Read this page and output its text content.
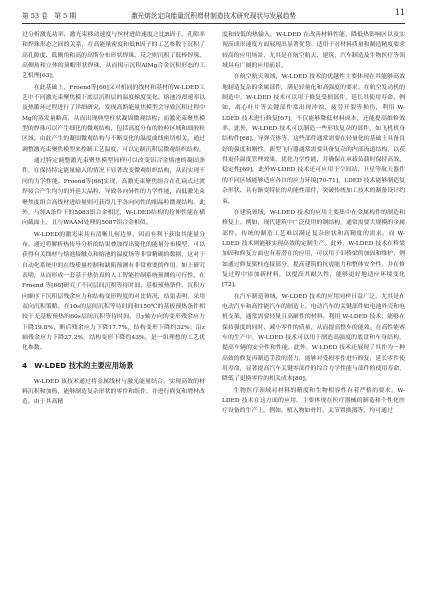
第 53 卷　第 5 期	激光熔丝定向能量沉积增材制造技术研究现状与发展趋势	11

过分析激光功率、激光束移动速度与丝材进给速度之比R因子、孔隙率和焊珠形态之间的关系，在高能量密度和低R因子的工艺参数下沉积了高孔隙度、低侧角和高的高斯分布形状焊珠，反之则沉积了低棒焊珠、高侧角和立体的顶帽形状焊珠，从而揭示沉积AlMg合金沉积形态的工艺机理[63]。

在此基础上，Froend等[66]又对相同的线材和基材的W-LDED工艺中不同激光束聚焦模下底层沉积层的温度梯度变化、熔池冷却速率以及热循环过程进行了详细研究，发现高斯能量焦模型会导致沉积过程中Mg的蒸发量略高，从而出现典型柱状凝固微观结构；而激光束聚焦模型的焊珠可以产生细化的微观结构，包括高度分布的胶粒区域和细胶粒区域。由此产生的凝固微观结构与不断变化的温度曲线密切相关，通过调整激光束聚焦模型来控制工艺温度，可以定制沉积层微观组织结构。

通过特定调整激光束聚焦模型同样可以改变铝合金熔池的凝固条件，在保持特定能量输入的情况下显著改变微观组织结构，从而实现不同的力学性能。Froend等[66]实现，高激光束聚焦组合在孔扁式过渡焊接合产生均匀的外延大晶粒，导致各向异性的力学性能，而低激光束聚焦度组合高线材进给量则可获得几乎各向同性的细晶粒微观结构。此外，与纯A条件下的5083铝合金相比，W-LDED结构的拉伸性能在横向截面上，且与WAAM处理的5087铝合金相似。

W-LDED的激光束具有清晰几何边界，因而有利于获取其能量分布。通过将解析热传导分析的结果叠加得出简化的能量分布模型，可以获得有关线材与熔池接触点和熔池的温度场等非常精确的数据，这对于自动化系统中的在线质量控制和缺陷预测有非常重要的作用。如上研究表明，从而形成一套基于热仿真的人工智能控制系统预测的可行性。在 Froend 等[66]研究了不同层间沉积等待时间、基板预热条件、沉积方向顺序下沉积层残余应力和结构变形程度的对比情况，结果表明，采用双向沉积策略、在10s的层间沉积等待时间和150℃的基板预热条件相较于无基板预热的60s层间沉积等待时间，且y轴方向的变形残余应力下降19.8%，断后残余应力下降17.7%，结构变形下降约32%；沿z轴残余应力下降27.2%，结构变形下降约43%，是一组理想的工艺优化参数。

4　W-LDED 技术的主要应用场景

W-LDED 该技术通过将金属线材与激光能量结合，实现高效的材料沉积和加热，能够制造复杂形状的零件和组件，并进行修复和增材改造。由于其高精

度和较低的热输入，W-LDED 在改善材料性能、降低热影响区以及实现高成形速度方面展现出显著优势。适用于对材料质量和制造精度要求较高的应用场景，尤其是在航空航天、建筑、汽车制造及生物医疗等领域具有广阔的应用前景。

在航空航天领域，W-LDED 技术的优越性主要体现在其能够高效地制造复杂的金属部件，满足轻量化和高强度的要求。在航空发动机的制造中，W-LDED 技术可以用于修复受损部件，延长其使用寿命。例如，离心叶片等关键部件常出现冲蚀、疲劳开裂等损伤，利用 W-LDED 技术进行修复[67]，不仅能够降低材料成本，还能提高维修效率。此外，W-LDED 技术可以制造一些形状复杂的部件，如飞机机身结构件[68]，导弹壳体等，这些部件通常需要在轻量化的基础上具备良好的强度和刚性。新型飞行器通常需要具备复杂的内部流道结构，以获得更佳温度管理效果，优化力学性能，并确保在承载负载时保持高效、稳定性[69]。此外W-LDED 技术还可应用于空间站、卫星等航天器件的不同区域能够适应各自的应力环境[70-71]，LDED 技术能够制造复杂形状、具有渐变特征的功能性部件，突破传统加工技术的制备设计约束。

在建筑领域，W-LDED 技术的应用主要集中在金属构件的制造和修复上。例如，现代建筑中广泛使用的钢结构，通常需要大规模的金属部件。传统的制造工艺难以满足复杂形状和高精度的需求，而 W-LDED 技术则能够实现高效的定制生产。此外，W-LDED 技术在桥梁加固和修复方面也有着潜在的应用，可以用于旧桥梁的加固和维护，例如通过修复梁柱连接部分，提高建筑的抗震能力和整体安全性，并在修复过程中添加新材料，以提高其耐久性、能够更好地适应环境变化[72]。

在汽车制造领域，W-LDED 技术的应用同样日益广泛，尤其是在电动汽车和高性能汽车的制造上。电动汽车的关键部件如电池外壳和电机支架，通常需要轻量且高耐性的材料。利用 W-LDED 技术，能够在保持强度的同时，减小零件的质量，从而提高整车的能效。在高性能赛车的生产中，W-LDED 技术可以用于制造高强度的底盘和车身结构，提高车辆的安全性和性能。此外，W-LDED 技术还展现了其作为一种高效的修复再制造手段的潜力，能够对受损零件进行修复，延长零件使用寿命，显著提高汽车关键零部件的综合力学性能与部件的使用寿命，降低了更换零件的相关成本[80]。

生物医疗领域对材料的精度和生物相容性有着严格的要求。W-LDED 技术在这方面的应用，主要体现在医疗器械的制造和个性化医疗设备的生产上。例如，植入物如骨钉、关节置换器等，均可通过
